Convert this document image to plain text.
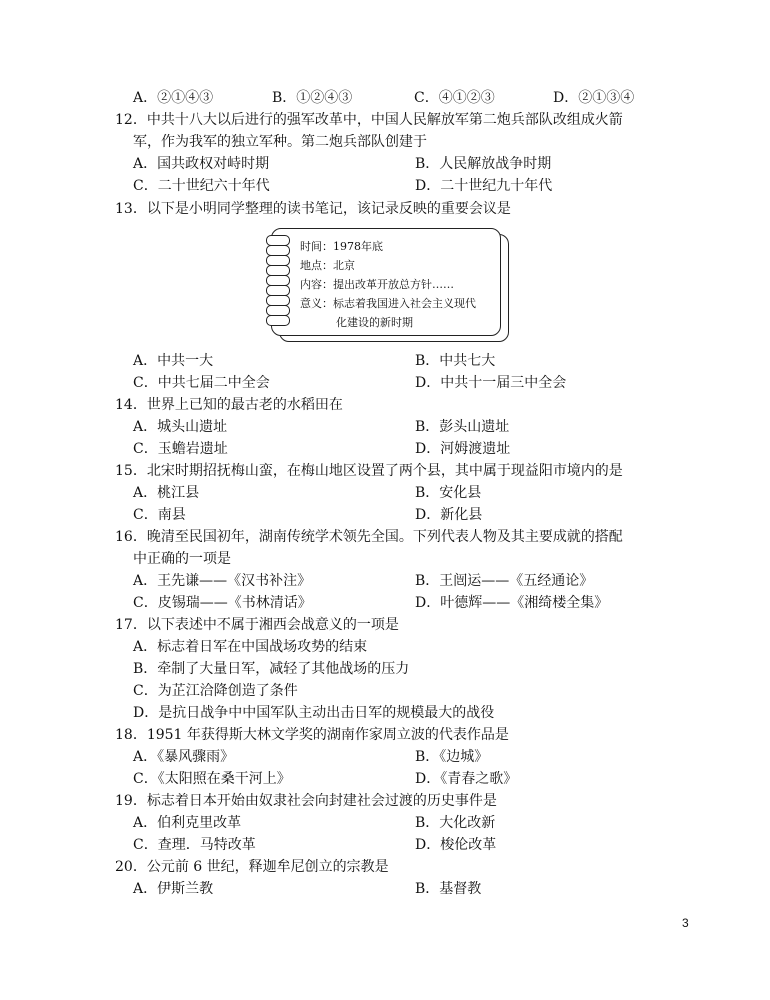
A．②①④③	B．①②④③	C．④①②③	D．②①③④
12．中共十八大以后进行的强军改革中，中国人民解放军第二炮兵部队改组成火箭
军，作为我军的独立军种。第二炮兵部队创建于
A．国共政权对峙时期	B．人民解放战争时期
C．二十世纪六十年代	D．二十世纪九十年代
13．以下是小明同学整理的读书笔记，该记录反映的重要会议是
时间：1978年底
地点：北京
内容：提出改革开放总方针……
意义：标志着我国进入社会主义现代
化建设的新时期
A．中共一大	B．中共七大
C．中共七届二中全会	D．中共十一届三中全会
14．世界上已知的最古老的水稻田在
A．城头山遗址	B．彭头山遗址
C．玉蟾岩遗址	D．河姆渡遗址
15．北宋时期招抚梅山蛮，在梅山地区设置了两个县，其中属于现益阳市境内的是
A．桃江县	B．安化县
C．南县	D．新化县
16．晚清至民国初年，湖南传统学术领先全国。下列代表人物及其主要成就的搭配
中正确的一项是
A．王先谦——《汉书补注》	B．王闿运——《五经通论》
C．皮锡瑞——《书林清话》	D．叶德辉——《湘绮楼全集》
17．以下表述中不属于湘西会战意义的一项是
A．标志着日军在中国战场攻势的结束
B．牵制了大量日军，减轻了其他战场的压力
C．为芷江洽降创造了条件
D．是抗日战争中中国军队主动出击日军的规模最大的战役
18．1951 年获得斯大林文学奖的湖南作家周立波的代表作品是
A．《暴风骤雨》	B．《边城》
C．《太阳照在桑干河上》	D．《青春之歌》
19．标志着日本开始由奴隶社会向封建社会过渡的历史事件是
A．伯利克里改革	B．大化改新
C．查理．马特改革	D．梭伦改革
20．公元前 6 世纪，释迦牟尼创立的宗教是
A．伊斯兰教	B．基督教
3
